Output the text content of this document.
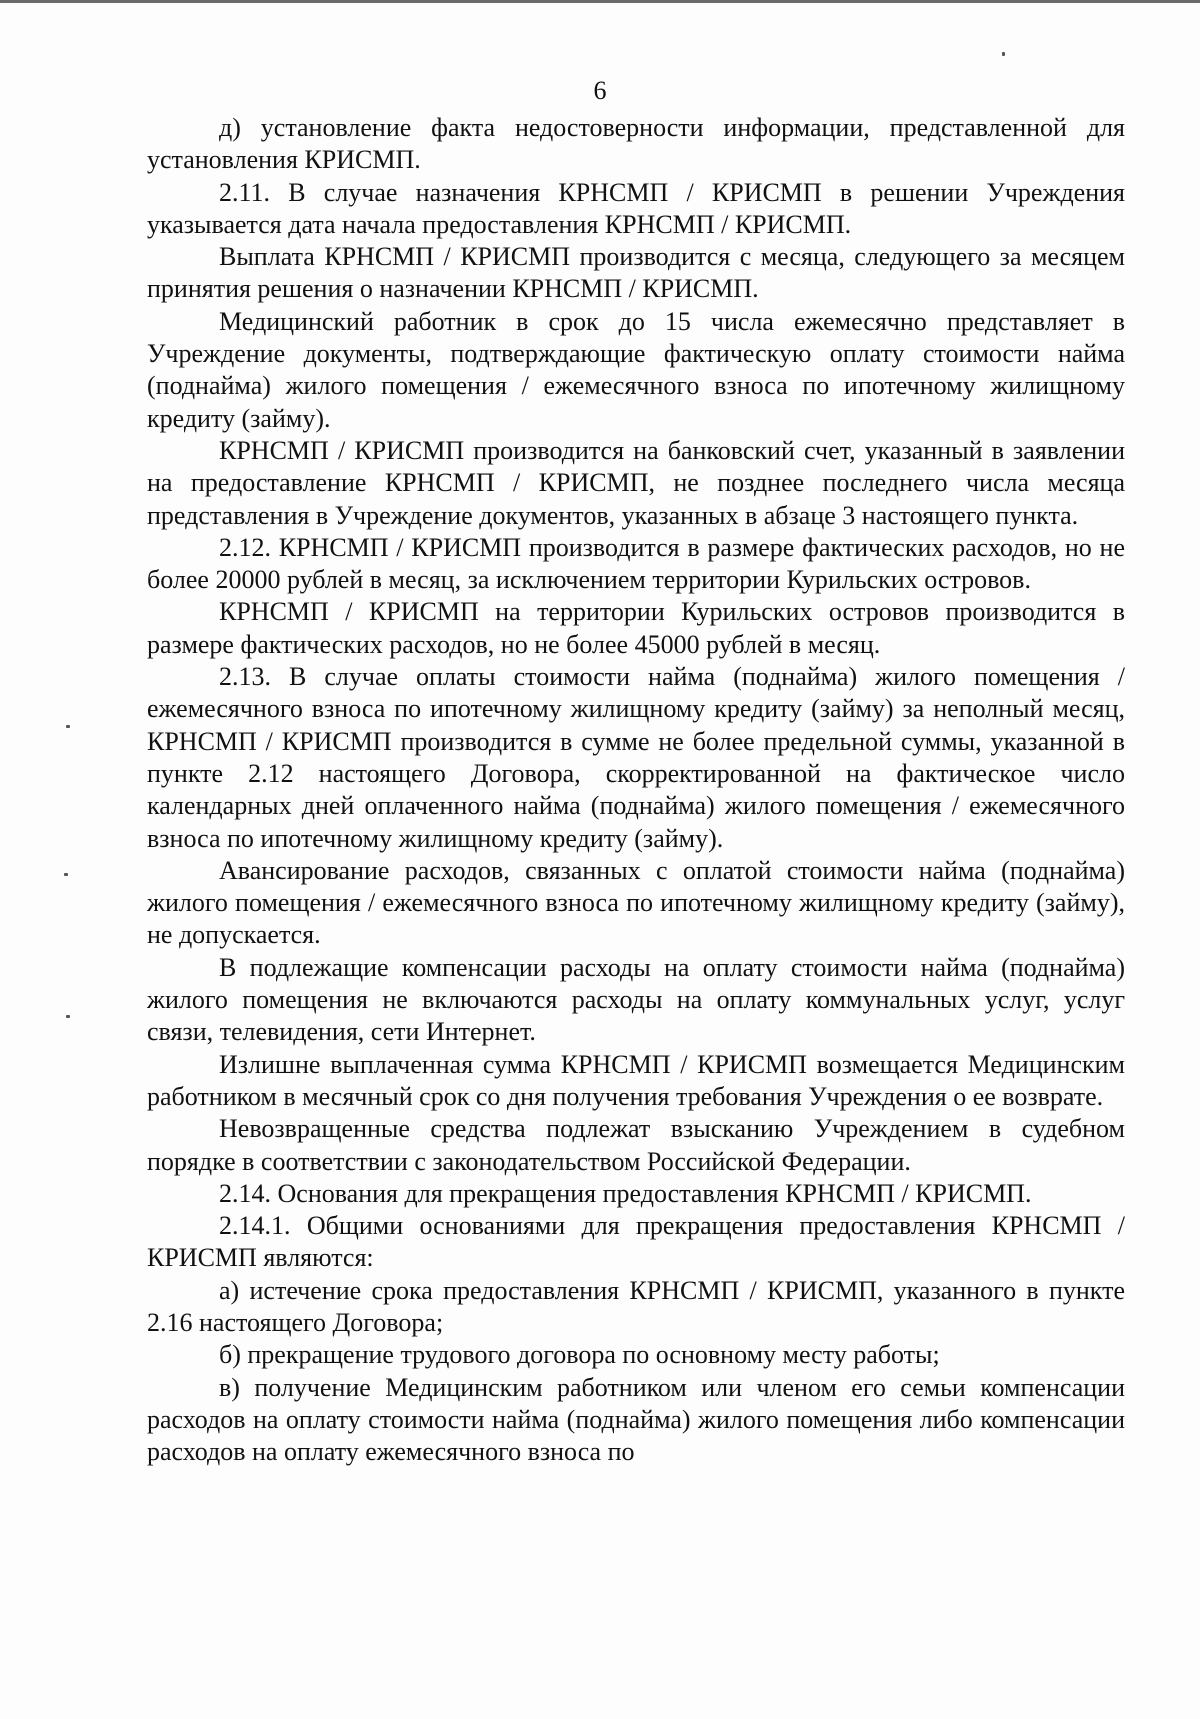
6

д) установление факта недостоверности информации, представленной для установления КРИСМП.

2.11. В случае назначения КРНСМП / КРИСМП в решении Учреждения указывается дата начала предоставления КРНСМП / КРИСМП.

Выплата КРНСМП / КРИСМП производится с месяца, следующего за месяцем принятия решения о назначении КРНСМП / КРИСМП.

Медицинский работник в срок до 15 числа ежемесячно представляет в Учреждение документы, подтверждающие фактическую оплату стоимости найма (поднайма) жилого помещения / ежемесячного взноса по ипотечному жилищному кредиту (займу).

КРНСМП / КРИСМП производится на банковский счет, указанный в заявлении на предоставление КРНСМП / КРИСМП, не позднее последнего числа месяца представления в Учреждение документов, указанных в абзаце 3 настоящего пункта.

2.12. КРНСМП / КРИСМП производится в размере фактических расходов, но не более 20000 рублей в месяц, за исключением территории Курильских островов.

КРНСМП / КРИСМП на территории Курильских островов производится в размере фактических расходов, но не более 45000 рублей в месяц.

2.13. В случае оплаты стоимости найма (поднайма) жилого помещения / ежемесячного взноса по ипотечному жилищному кредиту (займу) за неполный месяц, КРНСМП / КРИСМП производится в сумме не более предельной суммы, указанной в пункте 2.12 настоящего Договора, скорректированной на фактическое число календарных дней оплаченного найма (поднайма) жилого помещения / ежемесячного взноса по ипотечному жилищному кредиту (займу).

Авансирование расходов, связанных с оплатой стоимости найма (поднайма) жилого помещения / ежемесячного взноса по ипотечному жилищному кредиту (займу), не допускается.

В подлежащие компенсации расходы на оплату стоимости найма (поднайма) жилого помещения не включаются расходы на оплату коммунальных услуг, услуг связи, телевидения, сети Интернет.

Излишне выплаченная сумма КРНСМП / КРИСМП возмещается Медицинским работником в месячный срок со дня получения требования Учреждения о ее возврате.

Невозвращенные средства подлежат взысканию Учреждением в судебном порядке в соответствии с законодательством Российской Федерации.

2.14. Основания для прекращения предоставления КРНСМП / КРИСМП.

2.14.1. Общими основаниями для прекращения предоставления КРНСМП / КРИСМП являются:

а) истечение срока предоставления КРНСМП / КРИСМП, указанного в пункте 2.16 настоящего Договора;

б) прекращение трудового договора по основному месту работы;

в) получение Медицинским работником или членом его семьи компенсации расходов на оплату стоимости найма (поднайма) жилого помещения либо компенсации расходов на оплату ежемесячного взноса по
